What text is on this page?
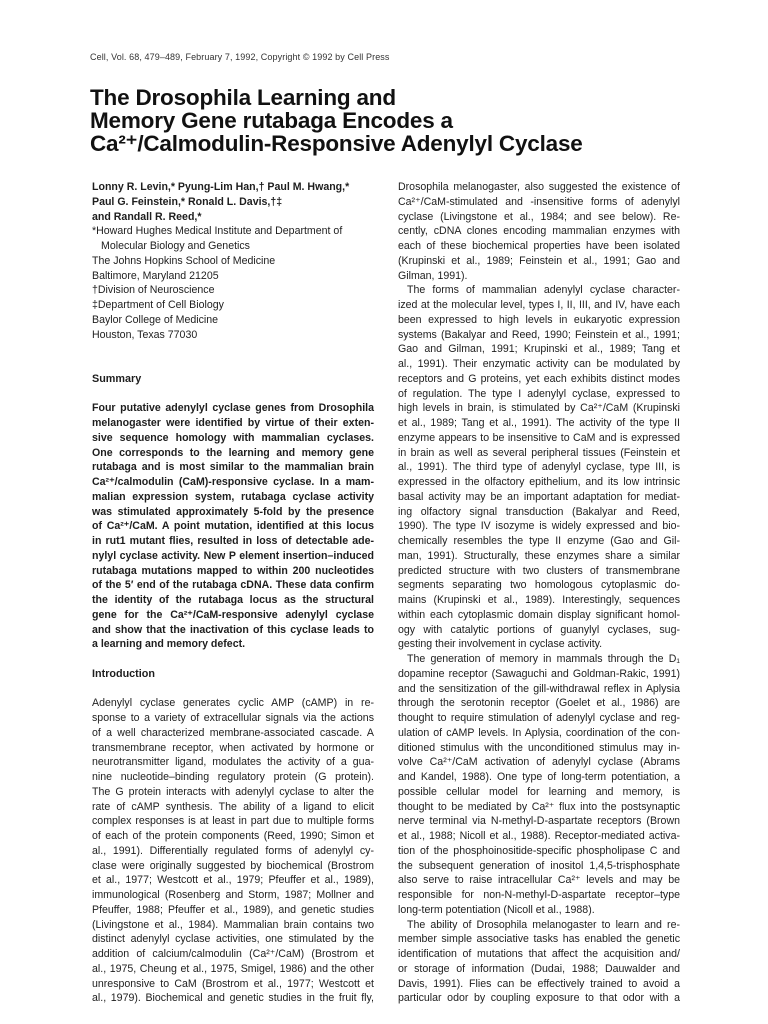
Cell, Vol. 68, 479–489, February 7, 1992, Copyright © 1992 by Cell Press
The Drosophila Learning and
Memory Gene rutabaga Encodes a
Ca²⁺/Calmodulin-Responsive Adenylyl Cyclase
Lonny R. Levin,* Pyung-Lim Han,† Paul M. Hwang,*
Paul G. Feinstein,* Ronald L. Davis,†‡
and Randall R. Reed,*
*Howard Hughes Medical Institute and Department of
Molecular Biology and Genetics
The Johns Hopkins School of Medicine
Baltimore, Maryland 21205
†Division of Neuroscience
‡Department of Cell Biology
Baylor College of Medicine
Houston, Texas 77030
Summary
Four putative adenylyl cyclase genes from Drosophila
melanogaster were identified by virtue of their exten-
sive sequence homology with mammalian cyclases.
One corresponds to the learning and memory gene
rutabaga and is most similar to the mammalian brain
Ca²⁺/calmodulin (CaM)-responsive cyclase. In a mam-
malian expression system, rutabaga cyclase activity
was stimulated approximately 5-fold by the presence
of Ca²⁺/CaM. A point mutation, identified at this locus
in rut1 mutant flies, resulted in loss of detectable ade-
nylyl cyclase activity. New P element insertion–induced
rutabaga mutations mapped to within 200 nucleotides
of the 5′ end of the rutabaga cDNA. These data confirm
the identity of the rutabaga locus as the structural
gene for the Ca²⁺/CaM-responsive adenylyl cyclase
and show that the inactivation of this cyclase leads to
a learning and memory defect.
Introduction
Adenylyl cyclase generates cyclic AMP (cAMP) in re-
sponse to a variety of extracellular signals via the actions
of a well characterized membrane-associated cascade. A
transmembrane receptor, when activated by hormone or
neurotransmitter ligand, modulates the activity of a gua-
nine nucleotide–binding regulatory protein (G protein).
The G protein interacts with adenylyl cyclase to alter the
rate of cAMP synthesis. The ability of a ligand to elicit
complex responses is at least in part due to multiple forms
of each of the protein components (Reed, 1990; Simon et
al., 1991). Differentially regulated forms of adenylyl cy-
clase were originally suggested by biochemical (Brostrom
et al., 1977; Westcott et al., 1979; Pfeuffer et al., 1989),
immunological (Rosenberg and Storm, 1987; Mollner and
Pfeuffer, 1988; Pfeuffer et al., 1989), and genetic studies
(Livingstone et al., 1984). Mammalian brain contains two
distinct adenylyl cyclase activities, one stimulated by the
addition of calcium/calmodulin (Ca²⁺/CaM) (Brostrom et
al., 1975, Cheung et al., 1975, Smigel, 1986) and the other
unresponsive to CaM (Brostrom et al., 1977; Westcott et
al., 1979). Biochemical and genetic studies in the fruit fly,
Drosophila melanogaster, also suggested the existence of
Ca²⁺/CaM-stimulated and -insensitive forms of adenylyl
cyclase (Livingstone et al., 1984; and see below). Re-
cently, cDNA clones encoding mammalian enzymes with
each of these biochemical properties have been isolated
(Krupinski et al., 1989; Feinstein et al., 1991; Gao and
Gilman, 1991).
The forms of mammalian adenylyl cyclase character-
ized at the molecular level, types I, II, III, and IV, have each
been expressed to high levels in eukaryotic expression
systems (Bakalyar and Reed, 1990; Feinstein et al., 1991;
Gao and Gilman, 1991; Krupinski et al., 1989; Tang et
al., 1991). Their enzymatic activity can be modulated by
receptors and G proteins, yet each exhibits distinct modes
of regulation. The type I adenylyl cyclase, expressed to
high levels in brain, is stimulated by Ca²⁺/CaM (Krupinski
et al., 1989; Tang et al., 1991). The activity of the type II
enzyme appears to be insensitive to CaM and is expressed
in brain as well as several peripheral tissues (Feinstein et
al., 1991). The third type of adenylyl cyclase, type III, is
expressed in the olfactory epithelium, and its low intrinsic
basal activity may be an important adaptation for mediat-
ing olfactory signal transduction (Bakalyar and Reed,
1990). The type IV isozyme is widely expressed and bio-
chemically resembles the type II enzyme (Gao and Gil-
man, 1991). Structurally, these enzymes share a similar
predicted structure with two clusters of transmembrane
segments separating two homologous cytoplasmic do-
mains (Krupinski et al., 1989). Interestingly, sequences
within each cytoplasmic domain display significant homol-
ogy with catalytic portions of guanylyl cyclases, sug-
gesting their involvement in cyclase activity.
The generation of memory in mammals through the D₁
dopamine receptor (Sawaguchi and Goldman-Rakic, 1991)
and the sensitization of the gill-withdrawal reflex in Aplysia
through the serotonin receptor (Goelet et al., 1986) are
thought to require stimulation of adenylyl cyclase and reg-
ulation of cAMP levels. In Aplysia, coordination of the con-
ditioned stimulus with the unconditioned stimulus may in-
volve Ca²⁺/CaM activation of adenylyl cyclase (Abrams
and Kandel, 1988). One type of long-term potentiation, a
possible cellular model for learning and memory, is
thought to be mediated by Ca²⁺ flux into the postsynaptic
nerve terminal via N-methyl-D-aspartate receptors (Brown
et al., 1988; Nicoll et al., 1988). Receptor-mediated activa-
tion of the phosphoinositide-specific phospholipase C and
the subsequent generation of inositol 1,4,5-trisphosphate
also serve to raise intracellular Ca²⁺ levels and may be
responsible for non-N-methyl-D-aspartate receptor–type
long-term potentiation (Nicoll et al., 1988).
The ability of Drosophila melanogaster to learn and re-
member simple associative tasks has enabled the genetic
identification of mutations that affect the acquisition and/
or storage of information (Dudai, 1988; Dauwalder and
Davis, 1991). Flies can be effectively trained to avoid a
particular odor by coupling exposure to that odor with a
